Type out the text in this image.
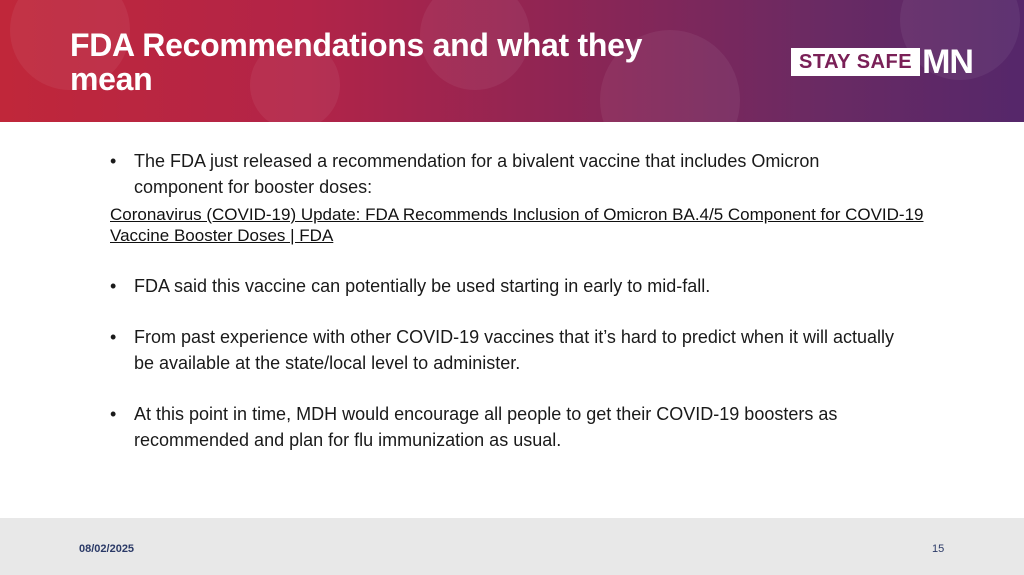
FDA Recommendations and what they mean	STAY SAFE MN
• The FDA just released a recommendation for a bivalent vaccine that includes Omicron component for booster doses:
Coronavirus (COVID-19) Update: FDA Recommends Inclusion of Omicron BA.4/5 Component for COVID-19 Vaccine Booster Doses | FDA
• FDA said this vaccine can potentially be used starting in early to mid-fall.
• From past experience with other COVID-19 vaccines that it’s hard to predict when it will actually be available at the state/local level to administer.
• At this point in time, MDH would encourage all people to get their COVID-19 boosters as recommended and plan for flu immunization as usual.
08/02/2025	15
